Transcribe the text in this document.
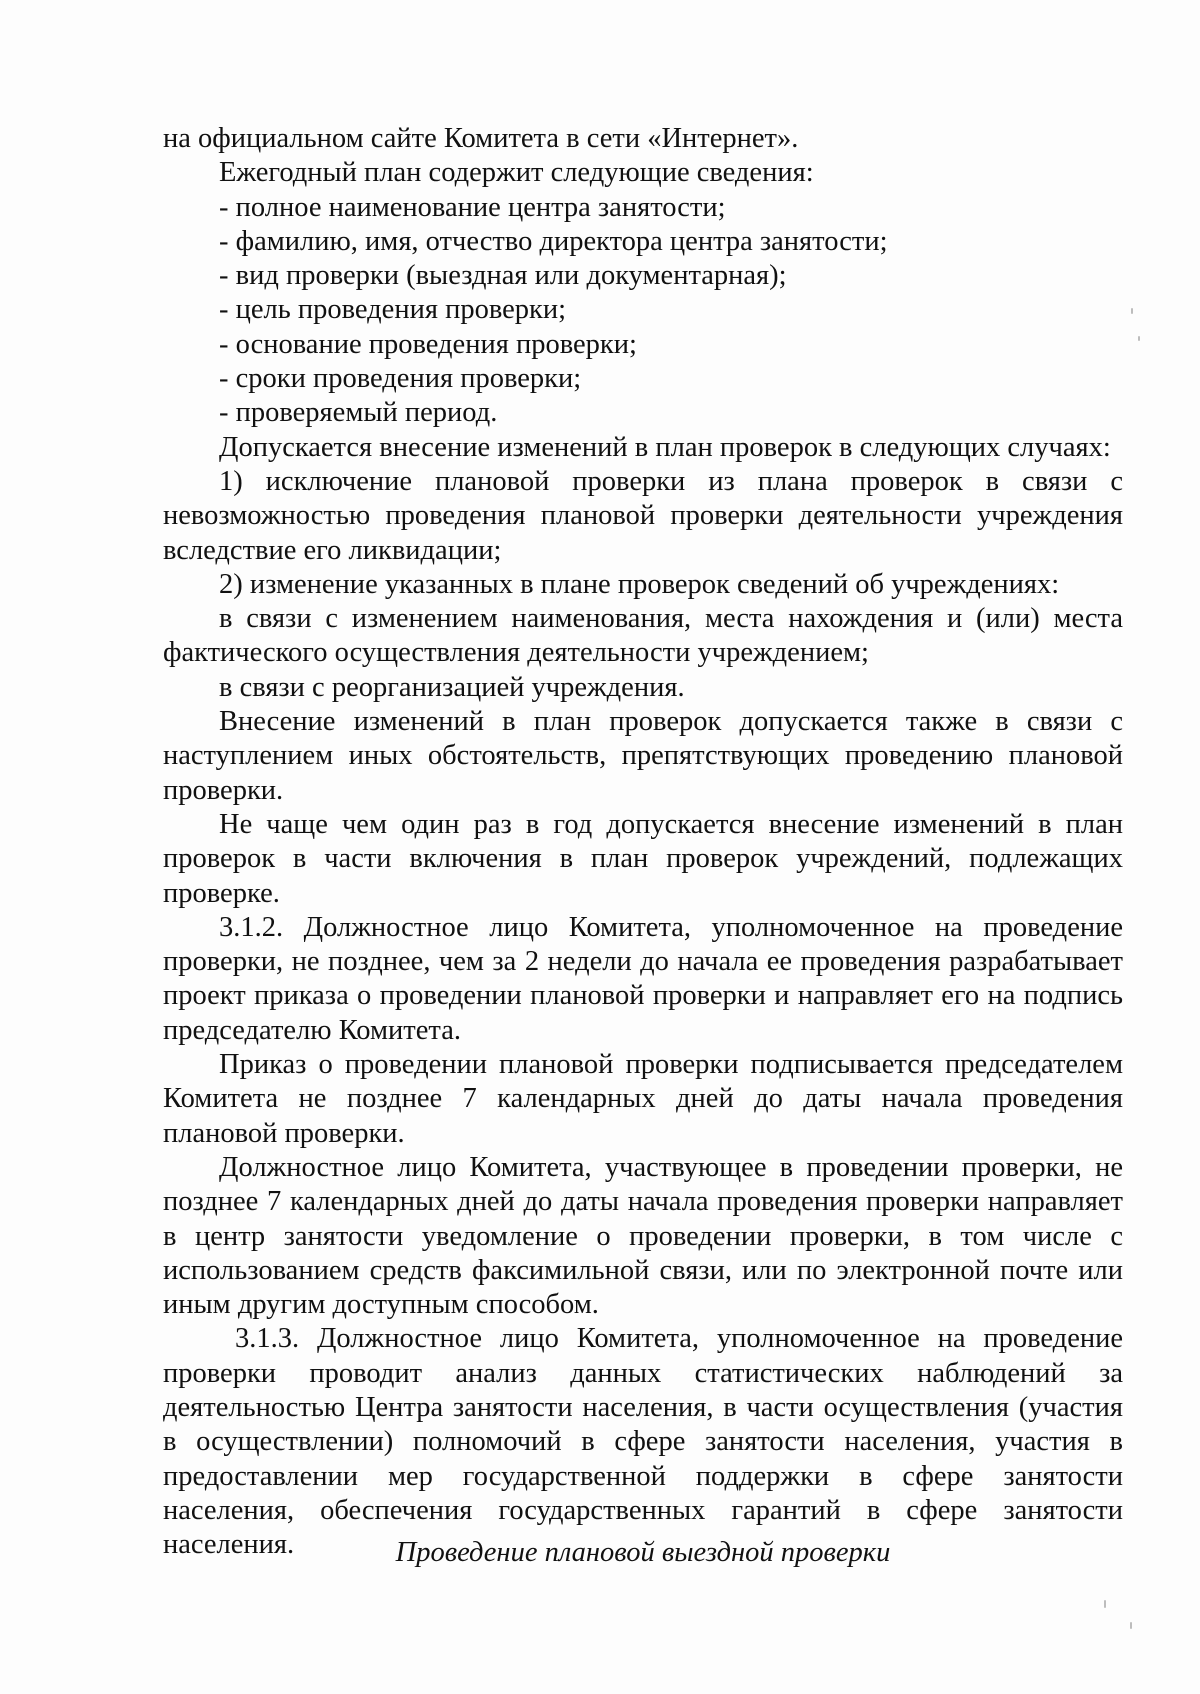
на официальном сайте Комитета в сети «Интернет».

Ежегодный план содержит следующие сведения:

- полное наименование центра занятости;

- фамилию, имя, отчество директора центра занятости;

- вид проверки (выездная или документарная);

- цель проведения проверки;

- основание проведения проверки;

- сроки проведения проверки;

- проверяемый период.

Допускается внесение изменений в план проверок в следующих случаях:

1) исключение плановой проверки из плана проверок в связи с невозможностью проведения плановой проверки деятельности учреждения вследствие его ликвидации;

2) изменение указанных в плане проверок сведений об учреждениях:

в связи с изменением наименования, места нахождения и (или) места фактического осуществления деятельности учреждением;

в связи с реорганизацией учреждения.

Внесение изменений в план проверок допускается также в связи с наступлением иных обстоятельств, препятствующих проведению плановой проверки.

Не чаще чем один раз в год допускается внесение изменений в план проверок в части включения в план проверок учреждений, подлежащих проверке.

3.1.2. Должностное лицо Комитета, уполномоченное на проведение проверки, не позднее, чем за 2 недели до начала ее проведения разрабатывает проект приказа о проведении плановой проверки и направляет его на подпись председателю Комитета.

Приказ о проведении плановой проверки подписывается председателем Комитета не позднее 7 календарных дней до даты начала проведения плановой проверки.

Должностное лицо Комитета, участвующее в проведении проверки, не позднее 7 календарных дней до даты начала проведения проверки направляет в центр занятости уведомление о проведении проверки, в том числе с использованием средств факсимильной связи, или по электронной почте или иным другим доступным способом.

3.1.3. Должностное лицо Комитета, уполномоченное на проведение проверки проводит анализ данных статистических наблюдений за деятельностью Центра занятости населения, в части осуществления (участия в осуществлении) полномочий в сфере занятости населения, участия в предоставлении мер государственной поддержки в сфере занятости населения, обеспечения государственных гарантий в сфере занятости населения.	Проведение плановой выездной проверки
